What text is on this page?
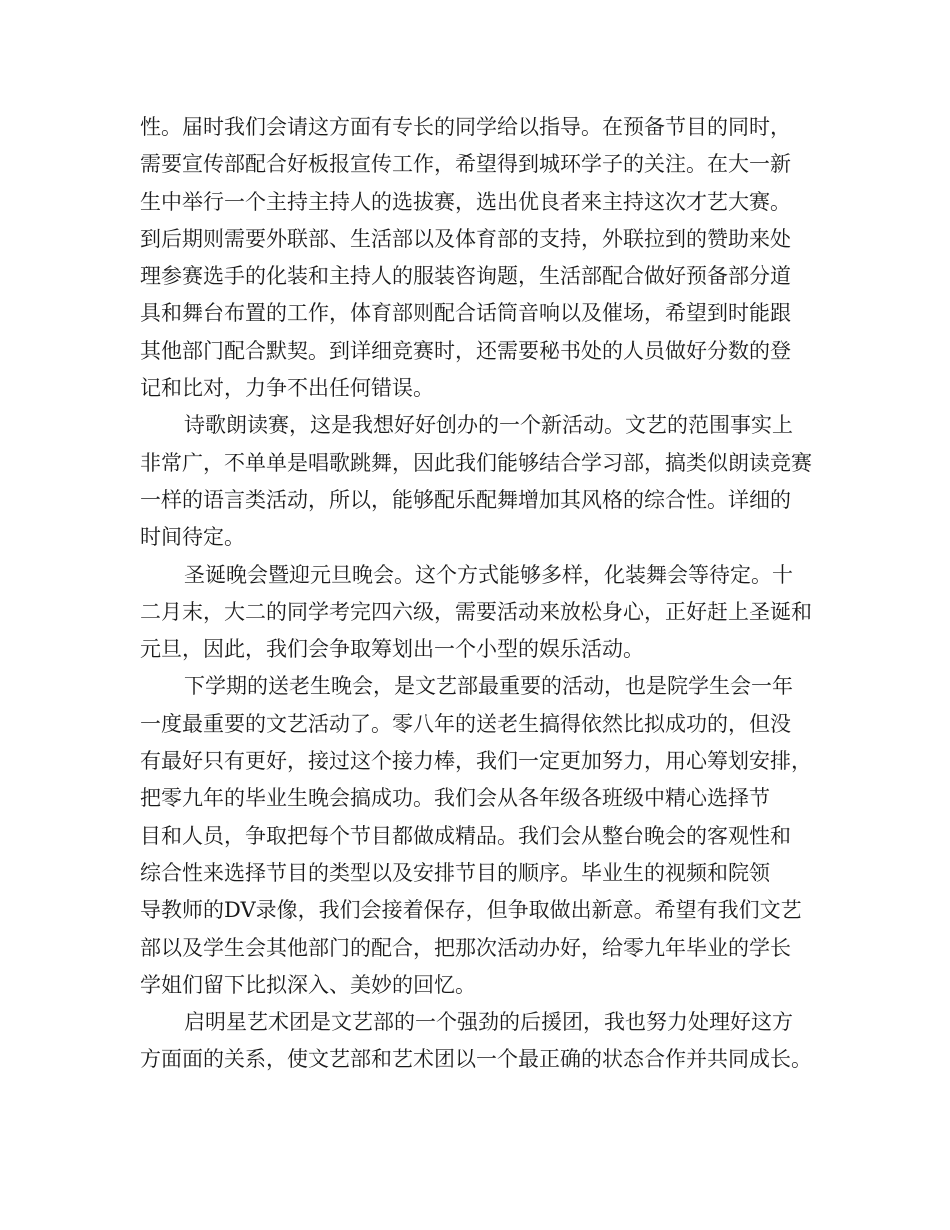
性。届时我们会请这方面有专长的同学给以指导。在预备节目的同时，
需要宣传部配合好板报宣传工作，希望得到城环学子的关注。在大一新
生中举行一个主持主持人的选拔赛，选出优良者来主持这次才艺大赛。
到后期则需要外联部、生活部以及体育部的支持，外联拉到的赞助来处
理参赛选手的化装和主持人的服装咨询题，生活部配合做好预备部分道
具和舞台布置的工作，体育部则配合话筒音响以及催场，希望到时能跟
其他部门配合默契。到详细竞赛时，还需要秘书处的人员做好分数的登
记和比对，力争不出任何错误。
诗歌朗读赛，这是我想好好创办的一个新活动。文艺的范围事实上
非常广，不单单是唱歌跳舞，因此我们能够结合学习部，搞类似朗读竞赛
一样的语言类活动，所以，能够配乐配舞增加其风格的综合性。详细的
时间待定。
圣诞晚会暨迎元旦晚会。这个方式能够多样，化装舞会等待定。十
二月末，大二的同学考完四六级，需要活动来放松身心，正好赶上圣诞和
元旦，因此，我们会争取筹划出一个小型的娱乐活动。
下学期的送老生晚会，是文艺部最重要的活动，也是院学生会一年
一度最重要的文艺活动了。零八年的送老生搞得依然比拟成功的，但没
有最好只有更好，接过这个接力棒，我们一定更加努力，用心筹划安排，
把零九年的毕业生晚会搞成功。我们会从各年级各班级中精心选择节
目和人员，争取把每个节目都做成精品。我们会从整台晚会的客观性和
综合性来选择节目的类型以及安排节目的顺序。毕业生的视频和院领
导教师的DV录像，我们会接着保存，但争取做出新意。希望有我们文艺
部以及学生会其他部门的配合，把那次活动办好，给零九年毕业的学长
学姐们留下比拟深入、美妙的回忆。
启明星艺术团是文艺部的一个强劲的后援团，我也努力处理好这方
方面面的关系，使文艺部和艺术团以一个最正确的状态合作并共同成长。
